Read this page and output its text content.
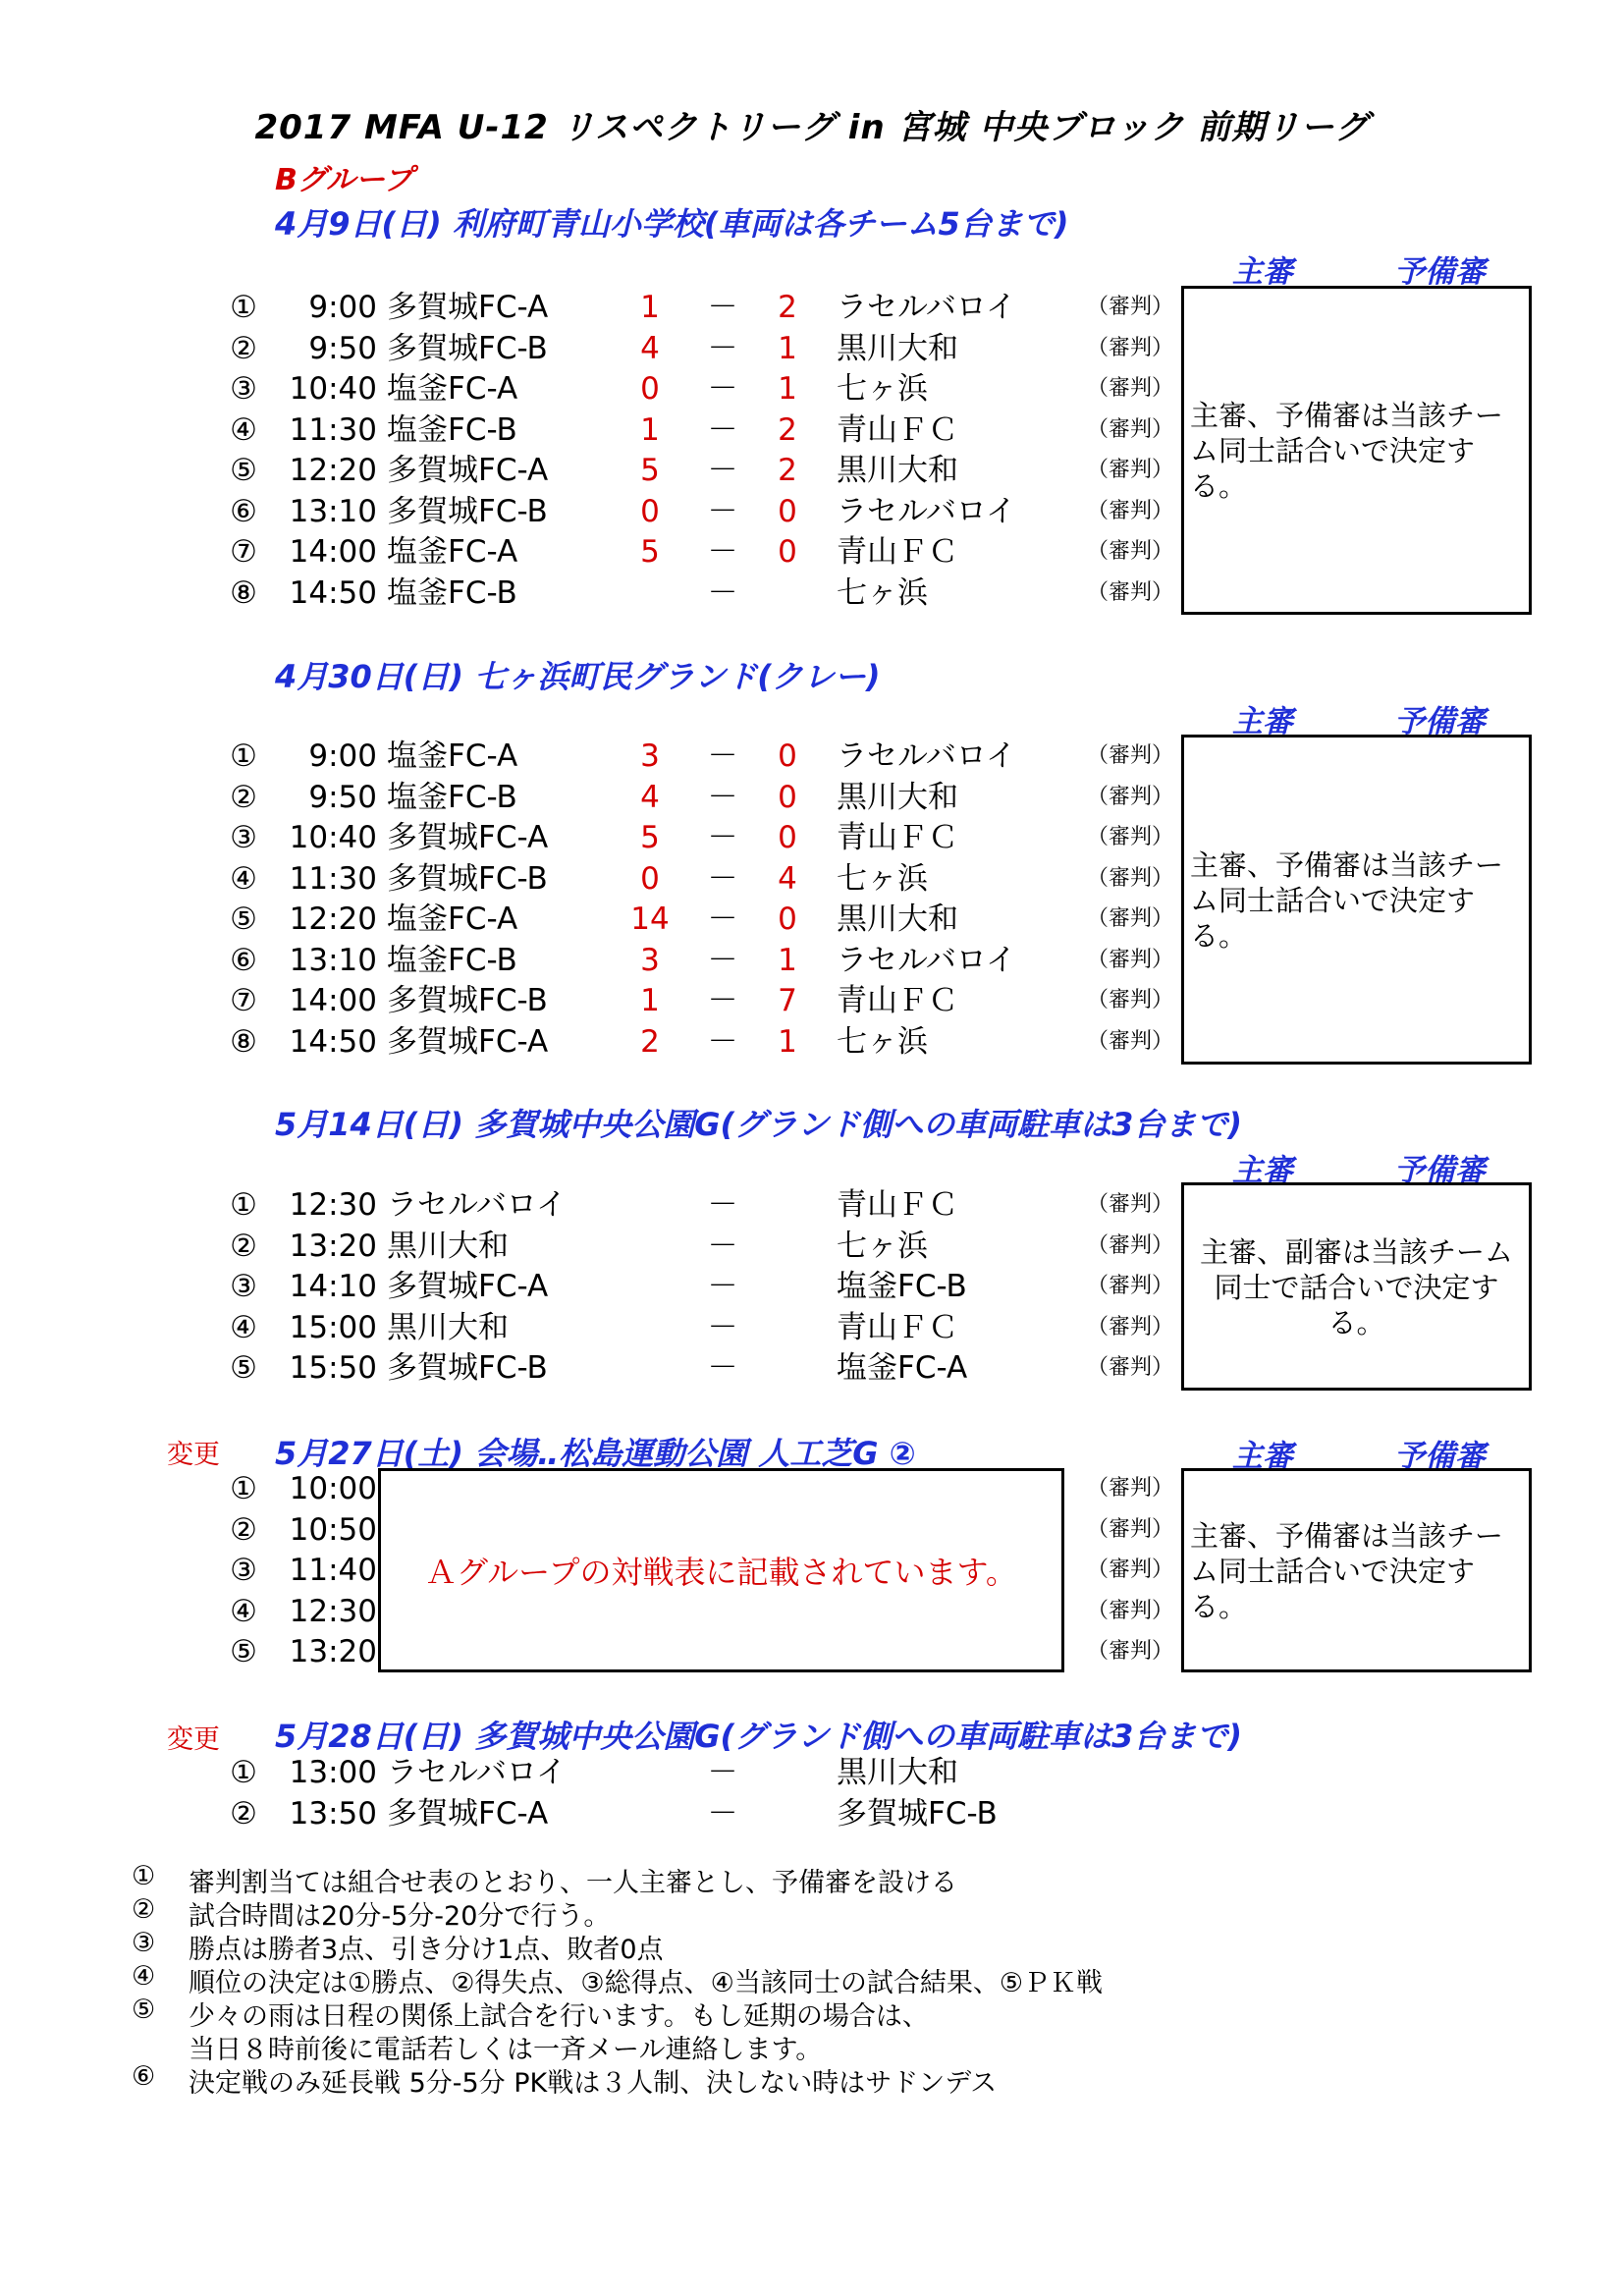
2017 MFA U-12 リスペクトリーグ in 宮城 中央ブロック 前期リーグ
Bグループ
4月9日(日) 利府町青山小学校(車両は各チーム5台まで)
主審	予備審
主審、予備審は当該チーム同士話合いで決定する。
4月30日(日) 七ヶ浜町民グランド(クレー)
主審	予備審
主審、予備審は当該チーム同士話合いで決定する。
5月14日(日) 多賀城中央公園G(グランド側への車両駐車は3台まで)
主審	予備審
主審、副審は当該チーム同士で話合いで決定する。
変更 5月27日(土) 会場‥松島運動公園 人工芝G ②	主審	予備審
主審、予備審は当該チーム同士話合いで決定する。
Ａグループの対戦表に記載されています。
変更 5月28日(日) 多賀城中央公園G(グランド側への車両駐車は3台まで)
①	9:00 多賀城FC-A	1	－	2	ラセルバロイ	（審判）
②	9:50 多賀城FC-B	4	－	1	黒川大和	（審判）
③	10:40 塩釜FC-A	0	－	1	七ヶ浜	（審判）
④	11:30 塩釜FC-B	1	－	2	青山ＦＣ	（審判）
⑤	12:20 多賀城FC-A	5	－	2	黒川大和	（審判）
⑥	13:10 多賀城FC-B	0	－	0	ラセルバロイ	（審判）
⑦	14:00 塩釜FC-A	5	－	0	青山ＦＣ	（審判）
⑧	14:50 塩釜FC-B	－	七ヶ浜	（審判）
①	9:00 塩釜FC-A	3	－	0	ラセルバロイ	（審判）
②	9:50 塩釜FC-B	4	－	0	黒川大和	（審判）
③	10:40 多賀城FC-A	5	－	0	青山ＦＣ	（審判）
④	11:30 多賀城FC-B	0	－	4	七ヶ浜	（審判）
⑤	12:20 塩釜FC-A	14	－	0	黒川大和	（審判）
⑥	13:10 塩釜FC-B	3	－	1	ラセルバロイ	（審判）
⑦	14:00 多賀城FC-B	1	－	7	青山ＦＣ	（審判）
⑧	14:50 多賀城FC-A	2	－	1	七ヶ浜	（審判）
①	12:30 ラセルバロイ	－	青山ＦＣ	（審判）
②	13:20 黒川大和	－	七ヶ浜	（審判）
③	14:10 多賀城FC-A	－	塩釜FC-B	（審判）
④	15:00 黒川大和	－	青山ＦＣ	（審判）
⑤	15:50 多賀城FC-B	－	塩釜FC-A	（審判）
①	10:00	（審判）
②	10:50	（審判）
③	11:40	（審判）
④	12:30	（審判）
⑤	13:20	（審判）
①	13:00 ラセルバロイ	－	黒川大和
②	13:50 多賀城FC-A	－	多賀城FC-B
① 審判割当ては組合せ表のとおり、一人主審とし、予備審を設ける
② 試合時間は20分-5分-20分で行う。
③ 勝点は勝者3点、引き分け1点、敗者0点
④ 順位の決定は①勝点、②得失点、③総得点、④当該同士の試合結果、⑤ＰＫ戦
⑤ 少々の雨は日程の関係上試合を行います。もし延期の場合は、
当日８時前後に電話若しくは一斉メール連絡します。
⑥ 決定戦のみ延長戦 5分-5分 PK戦は３人制、決しない時はサドンデス
